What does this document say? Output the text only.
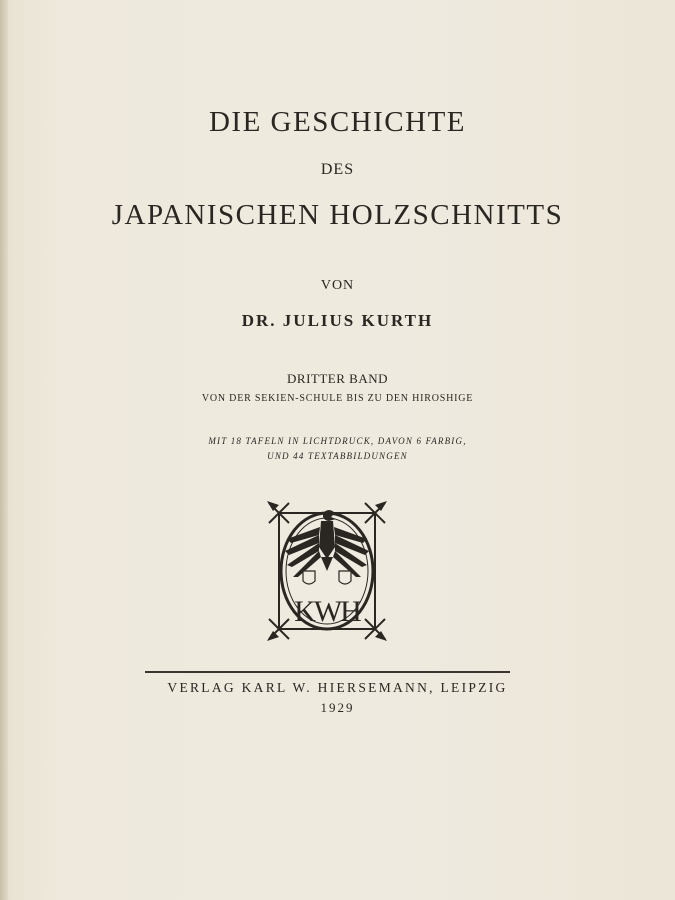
DIE GESCHICHTE
DES
JAPANISCHEN HOLZSCHNITTS
VON
DR. JULIUS KURTH
DRITTER BAND
VON DER SEKIEN-SCHULE BIS ZU DEN HIROSHIGE
MIT 18 TAFELN IN LICHTDRUCK, DAVON 6 FARBIG,
UND 44 TEXTABBILDUNGEN
KWH
VERLAG KARL W. HIERSEMANN, LEIPZIG
1929
